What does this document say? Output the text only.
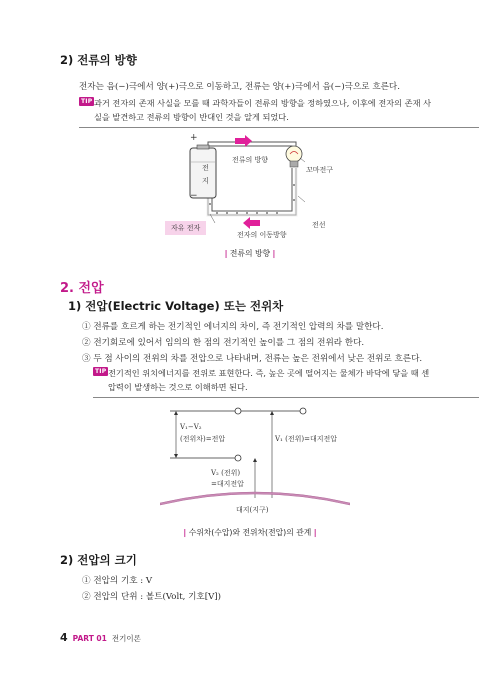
2) 전류의 방향
전자는 음(−)극에서 양(+)극으로 이동하고, 전류는 양(+)극에서 음(−)극으로 흐른다.
TIP 과거 전자의 존재 사실을 모를 때 과학자들이 전류의 방향을 정하였으나, 이후에 전자의 존재 사
실을 발견하고 전류의 방향이 반대인 것을 알게 되었다.
+
−
전
지
전류의 방향
꼬마전구
전선
자유 전자
전자의 이동방향
| 전류의 방향 |
2. 전압
1) 전압(Electric Voltage) 또는 전위차
① 전류를 흐르게 하는 전기적인 에너지의 차이, 즉 전기적인 압력의 차를 말한다.
② 전기회로에 있어서 임의의 한 점의 전기적인 높이를 그 점의 전위라 한다.
③ 두 점 사이의 전위의 차를 전압으로 나타내며, 전류는 높은 전위에서 낮은 전위로 흐른다.
TIP 전기적인 위치에너지를 전위로 표현한다. 즉, 높은 곳에 떨어지는 물체가 바닥에 닿을 때 센
압력이 발생하는 것으로 이해하면 된다.
V₁−V₂
(전위차)=전압
V₂ (전위)
=대지전압
V₁ (전위)=대지전압
대지(지구)
| 수위차(수압)와 전위차(전압)의 관계 |
2) 전압의 크기
① 전압의 기호 : V
② 전압의 단위 : 볼트(Volt, 기호[V])
4 PART 01 전기이론
